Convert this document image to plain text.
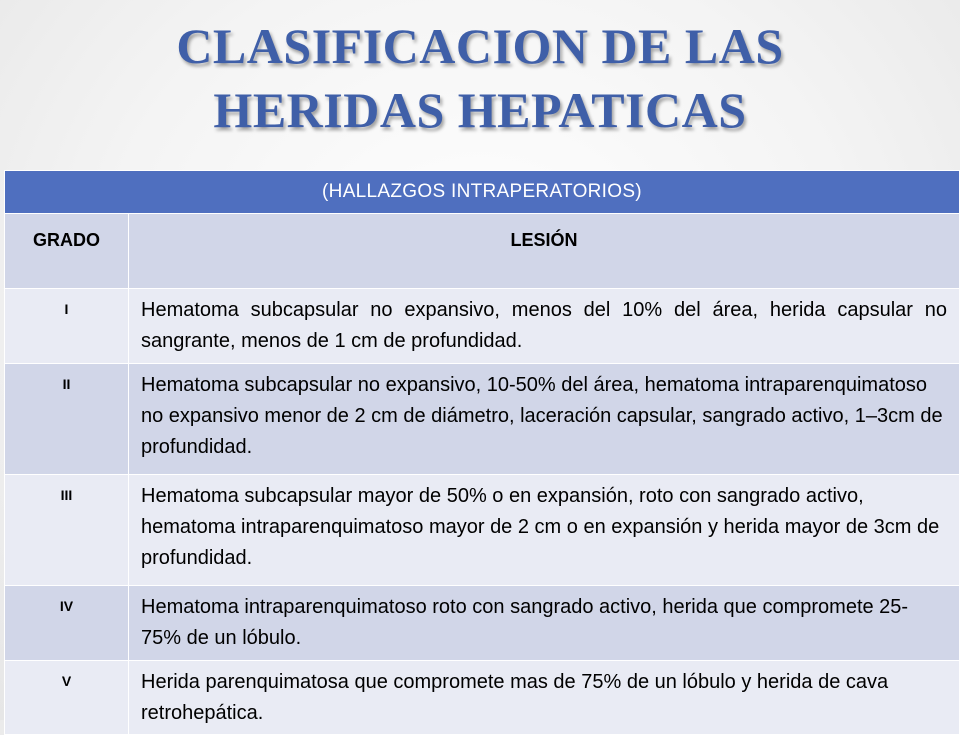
CLASIFICACION DE LAS
HERIDAS HEPATICAS
(HALLAZGOS INTRAPERATORIOS)	
GRADO	LESIÓN
I	Hematoma subcapsular no expansivo, menos del 10% del área, herida capsular no sangrante, menos de 1 cm de profundidad.
II	Hematoma subcapsular no expansivo, 10-50% del área, hematoma intraparenquimatoso no expansivo menor de 2 cm de diámetro, laceración capsular, sangrado activo, 1–3cm de profundidad.
III	Hematoma subcapsular mayor de 50% o en expansión, roto con sangrado activo, hematoma intraparenquimatoso mayor de 2 cm o en expansión y herida mayor de 3cm de profundidad.
IV	Hematoma intraparenquimatoso roto con sangrado activo, herida que compromete 25-75% de un lóbulo.
V	Herida parenquimatosa que compromete mas de 75% de un lóbulo y herida de cava retrohepática.
